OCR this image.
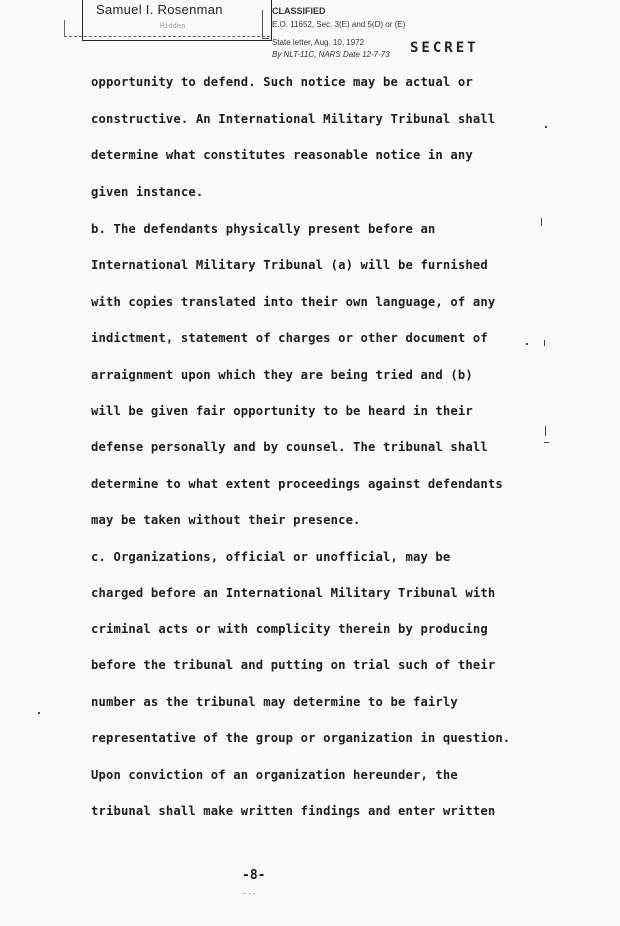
Samuel I. Rosenman
Hidden
CLASSIFIED
E.O. 11652, Sec. 3(E) and 5(D) or (E)
State letter, Aug. 10, 1972
By NLT-11C, NARS Date 12-7-73 SECRET
opportunity to defend. Such notice may be actual or
constructive. An International Military Tribunal shall
determine what constitutes reasonable notice in any
given instance.
b. The defendants physically present before an
International Military Tribunal (a) will be furnished
with copies translated into their own language, of any
indictment, statement of charges or other document of
arraignment upon which they are being tried and (b)
will be given fair opportunity to be heard in their
defense personally and by counsel. The tribunal shall
determine to what extent proceedings against defendants
may be taken without their presence.
c. Organizations, official or unofficial, may be
charged before an International Military Tribunal with
criminal acts or with complicity therein by producing
before the tribunal and putting on trial such of their
number as the tribunal may determine to be fairly
representative of the group or organization in question.
Upon conviction of an organization hereunder, the
tribunal shall make written findings and enter written
-8-
---
